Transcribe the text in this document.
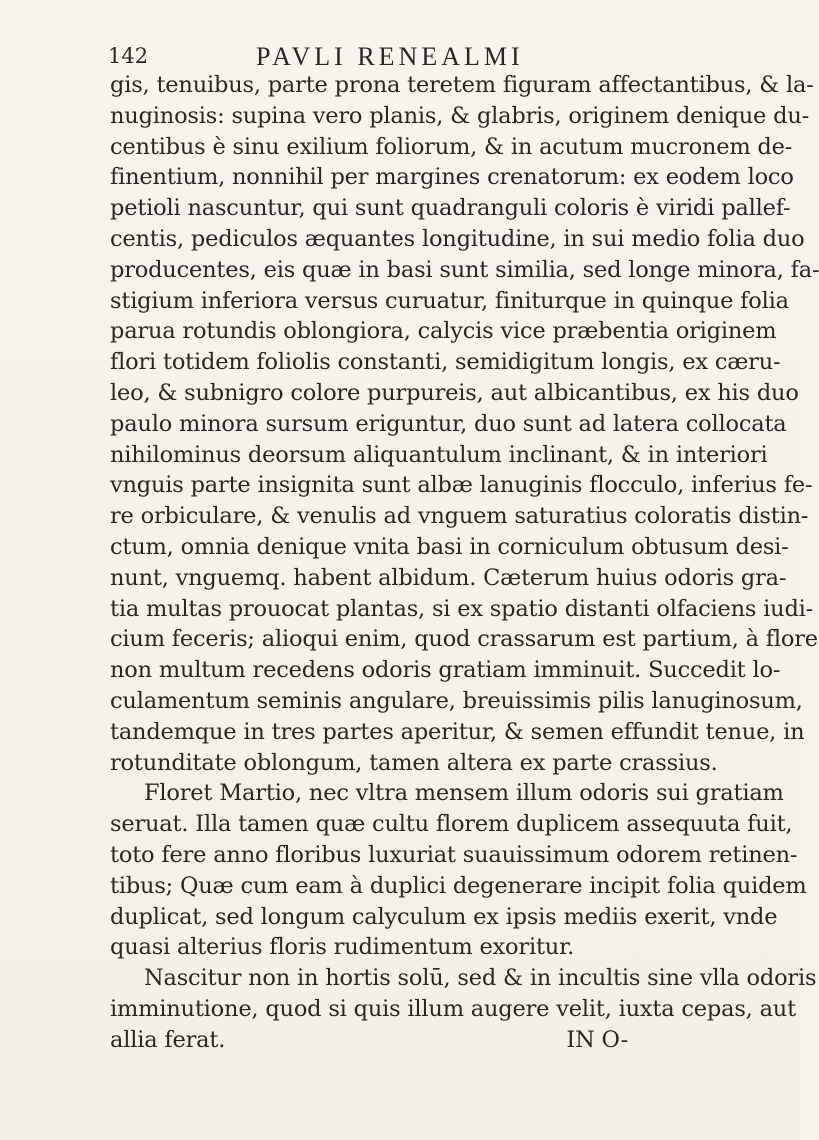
142	PAVLI RENEALMI
gis, tenuibus, parte prona teretem figuram affectantibus, & la-
nuginosis: supina vero planis, & glabris, originem denique du-
centibus è sinu exilium foliorum, & in acutum mucronem de-
finentium, nonnihil per margines crenatorum: ex eodem loco
petioli nascuntur, qui sunt quadranguli coloris è viridi pallef-
centis, pediculos æquantes longitudine, in sui medio folia duo
producentes, eis quæ in basi sunt similia, sed longe minora, fa-
stigium inferiora versus curuatur, finiturque in quinque folia
parua rotundis oblongiora, calycis vice præbentia originem
flori totidem foliolis constanti, semidigitum longis, ex cæru-
leo, & subnigro colore purpureis, aut albicantibus, ex his duo
paulo minora sursum eriguntur, duo sunt ad latera collocata
nihilominus deorsum aliquantulum inclinant, & in interiori
vnguis parte insignita sunt albæ lanuginis flocculo, inferius fe-
re orbiculare, & venulis ad vnguem saturatius coloratis distin-
ctum, omnia denique vnita basi in corniculum obtusum desi-
nunt, vnguemq. habent albidum. Cæterum huius odoris gra-
tia multas prouocat plantas, si ex spatio distanti olfaciens iudi-
cium feceris; alioqui enim, quod crassarum est partium, à flore
non multum recedens odoris gratiam imminuit. Succedit lo-
culamentum seminis angulare, breuissimis pilis lanuginosum,
tandemque in tres partes aperitur, & semen effundit tenue, in
rotunditate oblongum, tamen altera ex parte crassius.
Floret Martio, nec vltra mensem illum odoris sui gratiam
seruat. Illa tamen quæ cultu florem duplicem assequuta fuit,
toto fere anno floribus luxuriat suauissimum odorem retinen-
tibus; Quæ cum eam à duplici degenerare incipit folia quidem
duplicat, sed longum calyculum ex ipsis mediis exerit, vnde
quasi alterius floris rudimentum exoritur.
Nascitur non in hortis solū, sed & in incultis sine vlla odoris
imminutione, quod si quis illum augere velit, iuxta cepas, aut
allia ferat.	IN O-
